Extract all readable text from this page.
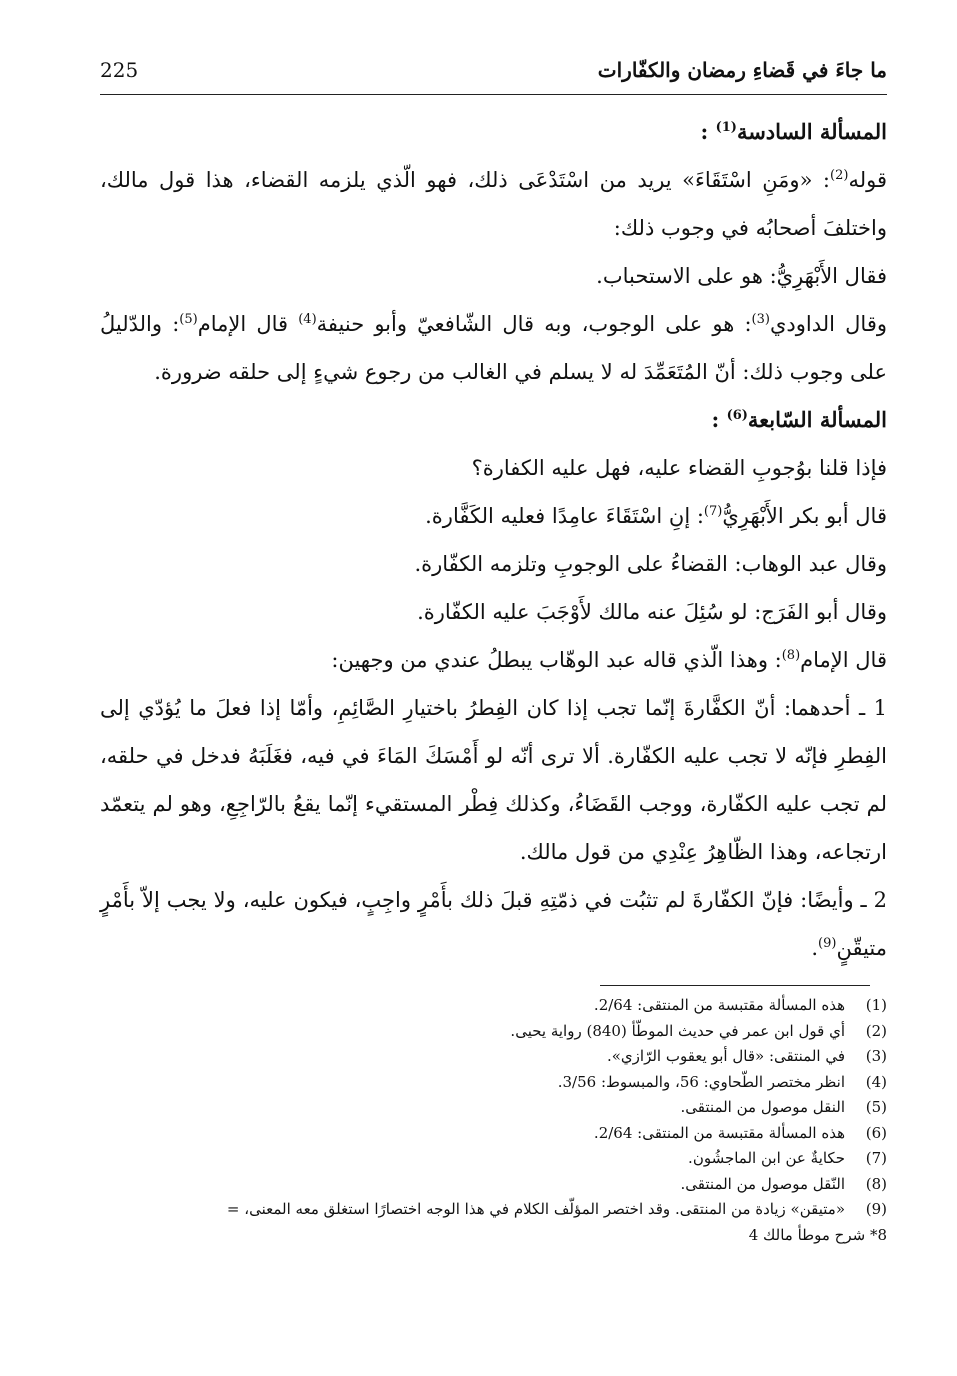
ما جاءَ في قَضاءِ رمضان والكفّارات
225

المسألة السادسة$^{(1)}$ :

قوله$^{(2)}$: «ومَنِ اسْتَقَاءَ» يريد من اسْتَدْعَى ذلك، فهو الّذي يلزمه القضاء، هذا قول مالك، واختلفَ أصحابُه في وجوب ذلك:

فقال الأَبْهَرِيُّ: هو على الاستحباب.

وقال الداودي$^{(3)}$: هو على الوجوب، وبه قال الشّافعيّ وأبو حنيفة$^{(4)}$ قال الإمام$^{(5)}$: والدّليلُ على وجوب ذلك: أنّ المُتَعَمِّدَ له لا يسلم في الغالب من رجوع شيءٍ إلى حلقه ضرورة.

المسألة السّابعة$^{(6)}$ :

فإذا قلنا بوُجوبِ القضاء عليه، فهل عليه الكفارة؟

قال أبو بكر الأَبْهَرِيُّ$^{(7)}$: إنِ اسْتَقَاءَ عامِدًا فعليه الكَفَّارة.

وقال عبد الوهاب: القضاءُ على الوجوبِ وتلزمه الكفّارة.

وقال أبو الفَرَج: لو سُئِلَ عنه مالك لأَوْجَبَ عليه الكفّارة.

قال الإمام$^{(8)}$: وهذا الّذي قاله عبد الوهّاب يبطلُ عندي من وجهين:

1 ـ أحدهما: أنّ الكفَّارةَ إنّما تجب إذا كان الفِطرُ باختيارِ الصَّائِمِ، وأمّا إذا فعلَ ما يُؤدّي إلى الفِطرِ فإنّه لا تجب عليه الكفّارة. ألا ترى أنّه لو أَمْسَكَ المَاءَ في فيه، فغَلَبَهُ فدخل في حلقه، لم تجب عليه الكفّارة، ووجب القَضَاءُ، وكذلك فِطْر المستقيء إنّما يقعُ بالرّاجِعِ، وهو لم يتعمّد ارتجاعه، وهذا الظّاهِرُ عِنْدِي من قول مالك.

2 ـ وأيضًا: فإنّ الكفّارةَ لم تثبُت في ذمّتِهِ قبلَ ذلك بأَمْرٍ واجِبٍ، فيكون عليه، ولا يجب إلاّ بأَمْرٍ متيقّنٍ$^{(9)}$.

(1)
هذه المسألة مقتبسة من المنتقى: 2/64.

(2)
أي قول ابن عمر في حديث الموطّأ (840) رواية يحيى.

(3)
في المنتقى: «قال أبو يعقوب الرّازي».

(4)
انظر مختصر الطّحاوي: 56، والمبسوط: 3/56.

(5)
النقل موصول من المنتقى.

(6)
هذه المسألة مقتبسة من المنتقى: 2/64.

(7)
حكايةٌ عن ابن الماجشُون.

(8)
النّقل موصول من المنتقى.

(9)
«متيقن» زيادة من المنتقى. وقد اختصر المؤلّف الكلام في هذا الوجه اختصارًا استغلق معه المعنى، =

8* شرح موطأ مالك 4
